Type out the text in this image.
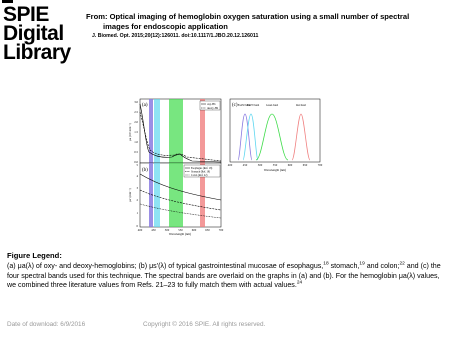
SPIE
Digital
Library
From: Optical imaging of hemoglobin oxygen saturation using a small number of spectral
images for endoscopic application
J. Biomed. Opt. 2015;20(12):126011. doi:10.1117/1.JBO.20.12.126011
(a)	oxy-Hb
deoxy-Hb
0.0
0.5
1.0
1.5
2.0
2.5
3.0
µa (10³ mm⁻¹)
(b)	Esophagus (Ref. 18)
Stomach (Ref. 19)
Colon (Ref. 22)
0
1
2
3
4
5
µs' (mm⁻¹)
400	450	500	550	600	650	700
Wavelength (nm)
(c) Ex450 band
Ex470 band	Green band	Red band
400	450	500	550	600	650	700
Wavelength (nm)
Figure Legend:
(a) μa(λ) of oxy- and deoxy-hemoglobins; (b) μs'(λ) of typical gastrointestinal mucosae of esophagus,$^{18}$ stomach,$^{19}$ and colon;$^{22}$ and (c) the four spectral bands used for this technique. The spectral bands are overlaid on the graphs in (a) and (b). For the hemoglobin μa(λ) values, we combined three literature values from Refs. 21–23 to fully match them with actual values.$^{24}$
Date of download: 6/9/2016	Copyright © 2016 SPIE. All rights reserved.
